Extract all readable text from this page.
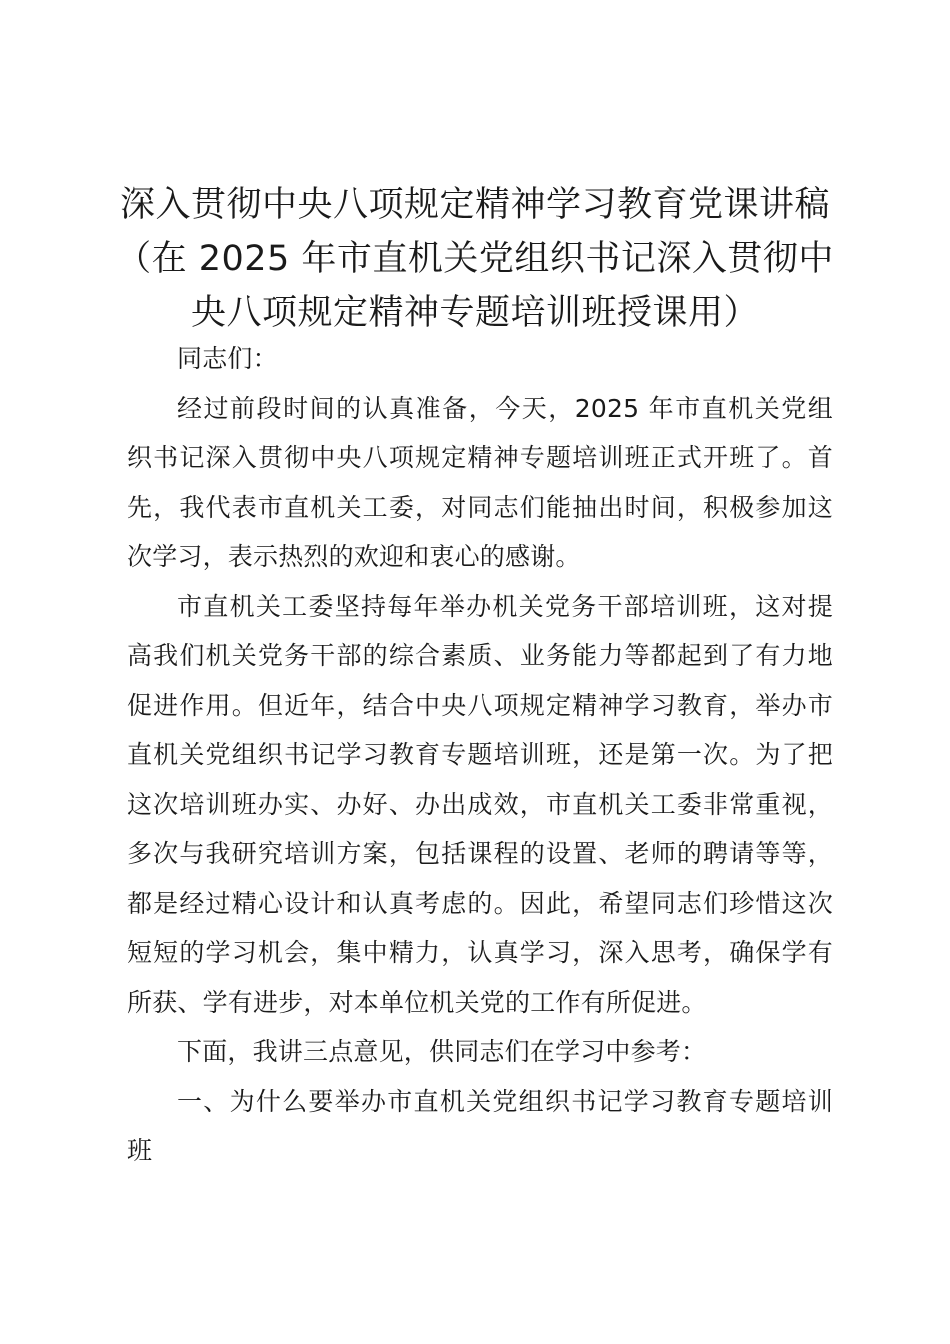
深入贯彻中央八项规定精神学习教育党课讲稿
（在 2025 年市直机关党组织书记深入贯彻中
央八项规定精神专题培训班授课用）

同志们：

经过前段时间的认真准备，今天，2025 年市直机关党组
织书记深入贯彻中央八项规定精神专题培训班正式开班了。首
先，我代表市直机关工委，对同志们能抽出时间，积极参加这
次学习，表示热烈的欢迎和衷心的感谢。
市直机关工委坚持每年举办机关党务干部培训班，这对提
高我们机关党务干部的综合素质、业务能力等都起到了有力地
促进作用。但近年，结合中央八项规定精神学习教育，举办市
直机关党组织书记学习教育专题培训班，还是第一次。为了把
这次培训班办实、办好、办出成效，市直机关工委非常重视，
多次与我研究培训方案，包括课程的设置、老师的聘请等等，
都是经过精心设计和认真考虑的。因此，希望同志们珍惜这次
短短的学习机会，集中精力，认真学习，深入思考，确保学有
所获、学有进步，对本单位机关党的工作有所促进。
下面，我讲三点意见，供同志们在学习中参考：
一、为什么要举办市直机关党组织书记学习教育专题培训
班
